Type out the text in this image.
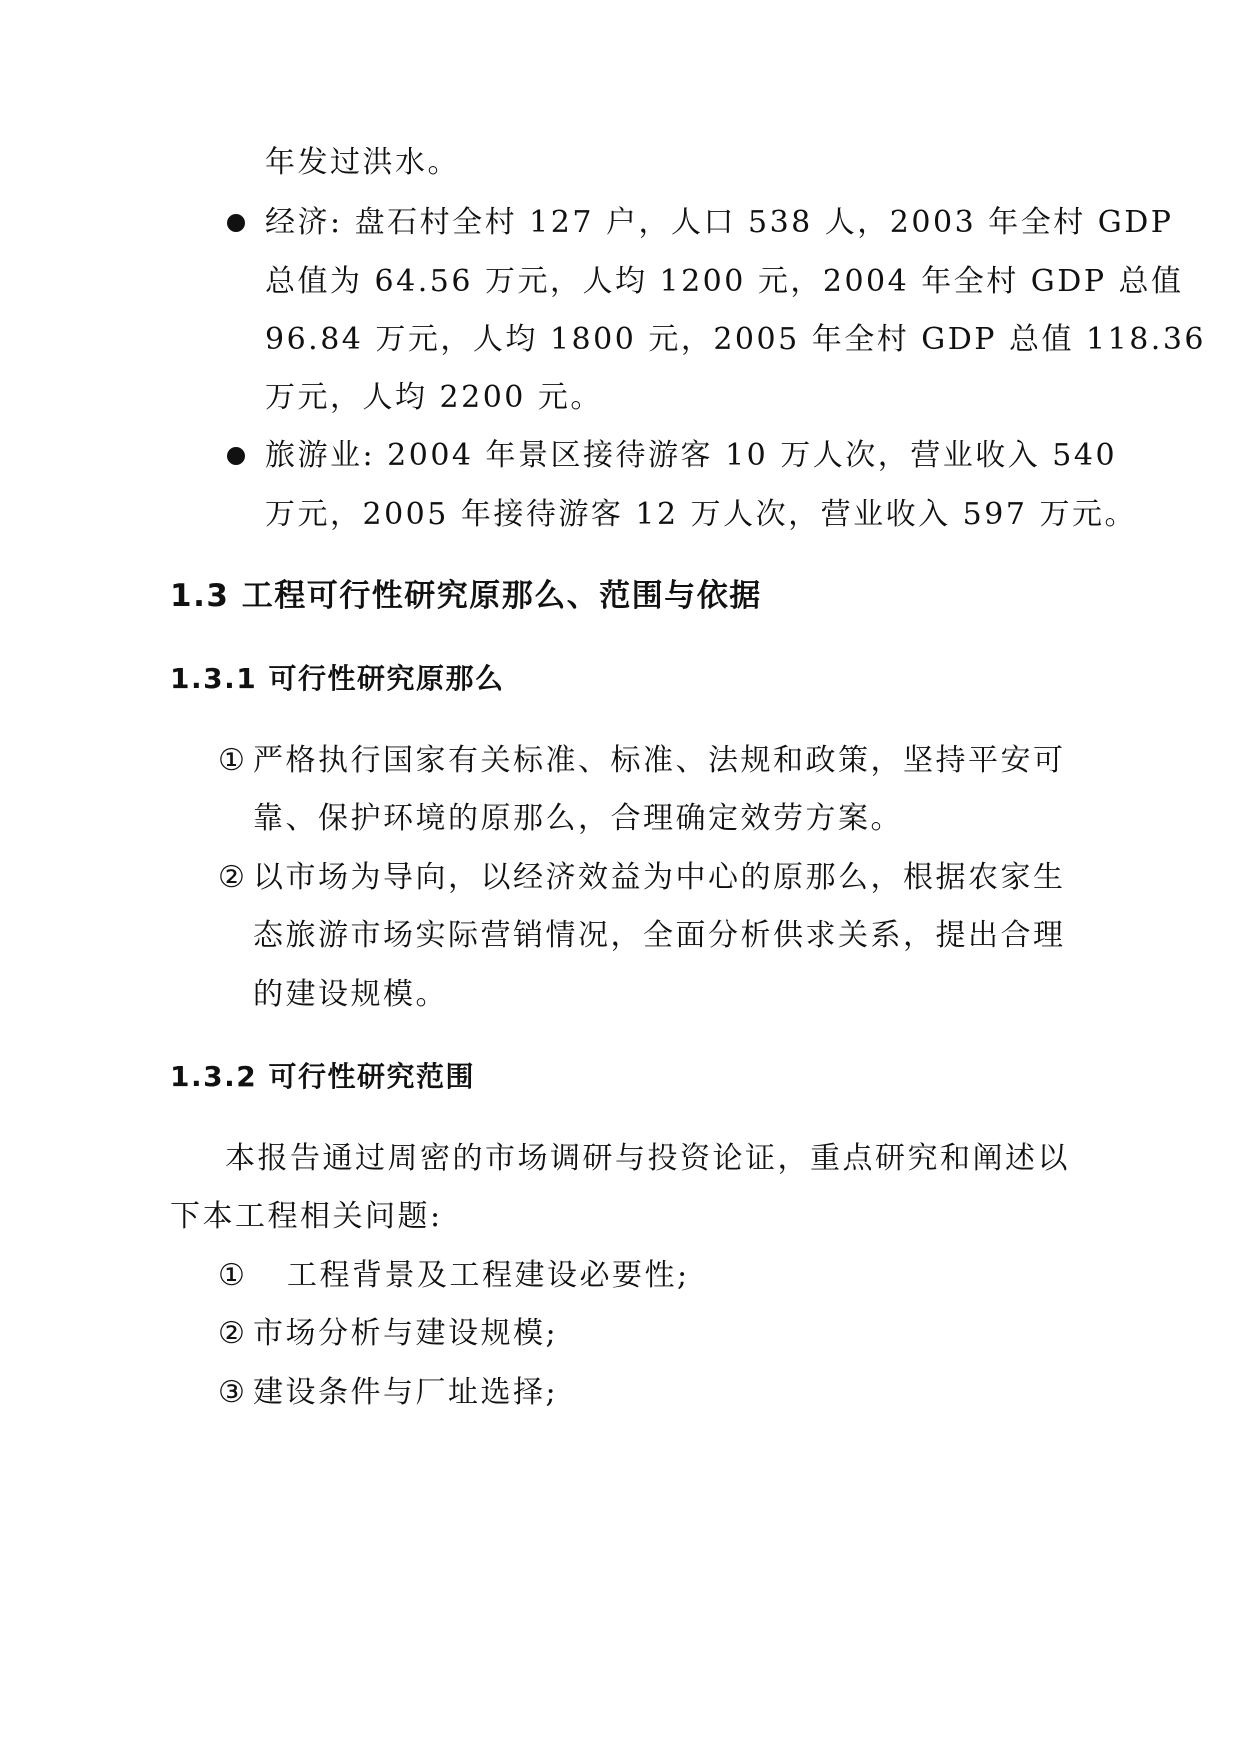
年发过洪水。
经济: 盘石村全村 127 户，人口 538 人，2003 年全村 GDP
总值为 64.56 万元，人均 1200 元，2004 年全村 GDP 总值
96.84 万元，人均 1800 元，2005 年全村 GDP 总值 118.36
万元，人均 2200 元。
旅游业: 2004 年景区接待游客 10 万人次，营业收入 540
万元，2005 年接待游客 12 万人次，营业收入 597 万元。
1.3 工程可行性研究原那么、范围与依据
1.3.1 可行性研究原那么
① 严格执行国家有关标准、标准、法规和政策，坚持平安可
靠、保护环境的原那么，合理确定效劳方案。
② 以市场为导向，以经济效益为中心的原那么，根据农家生
态旅游市场实际营销情况，全面分析供求关系，提出合理
的建设规模。
1.3.2 可行性研究范围
本报告通过周密的市场调研与投资论证，重点研究和阐述以
下本工程相关问题:
① 工程背景及工程建设必要性;
② 市场分析与建设规模;
③ 建设条件与厂址选择;
